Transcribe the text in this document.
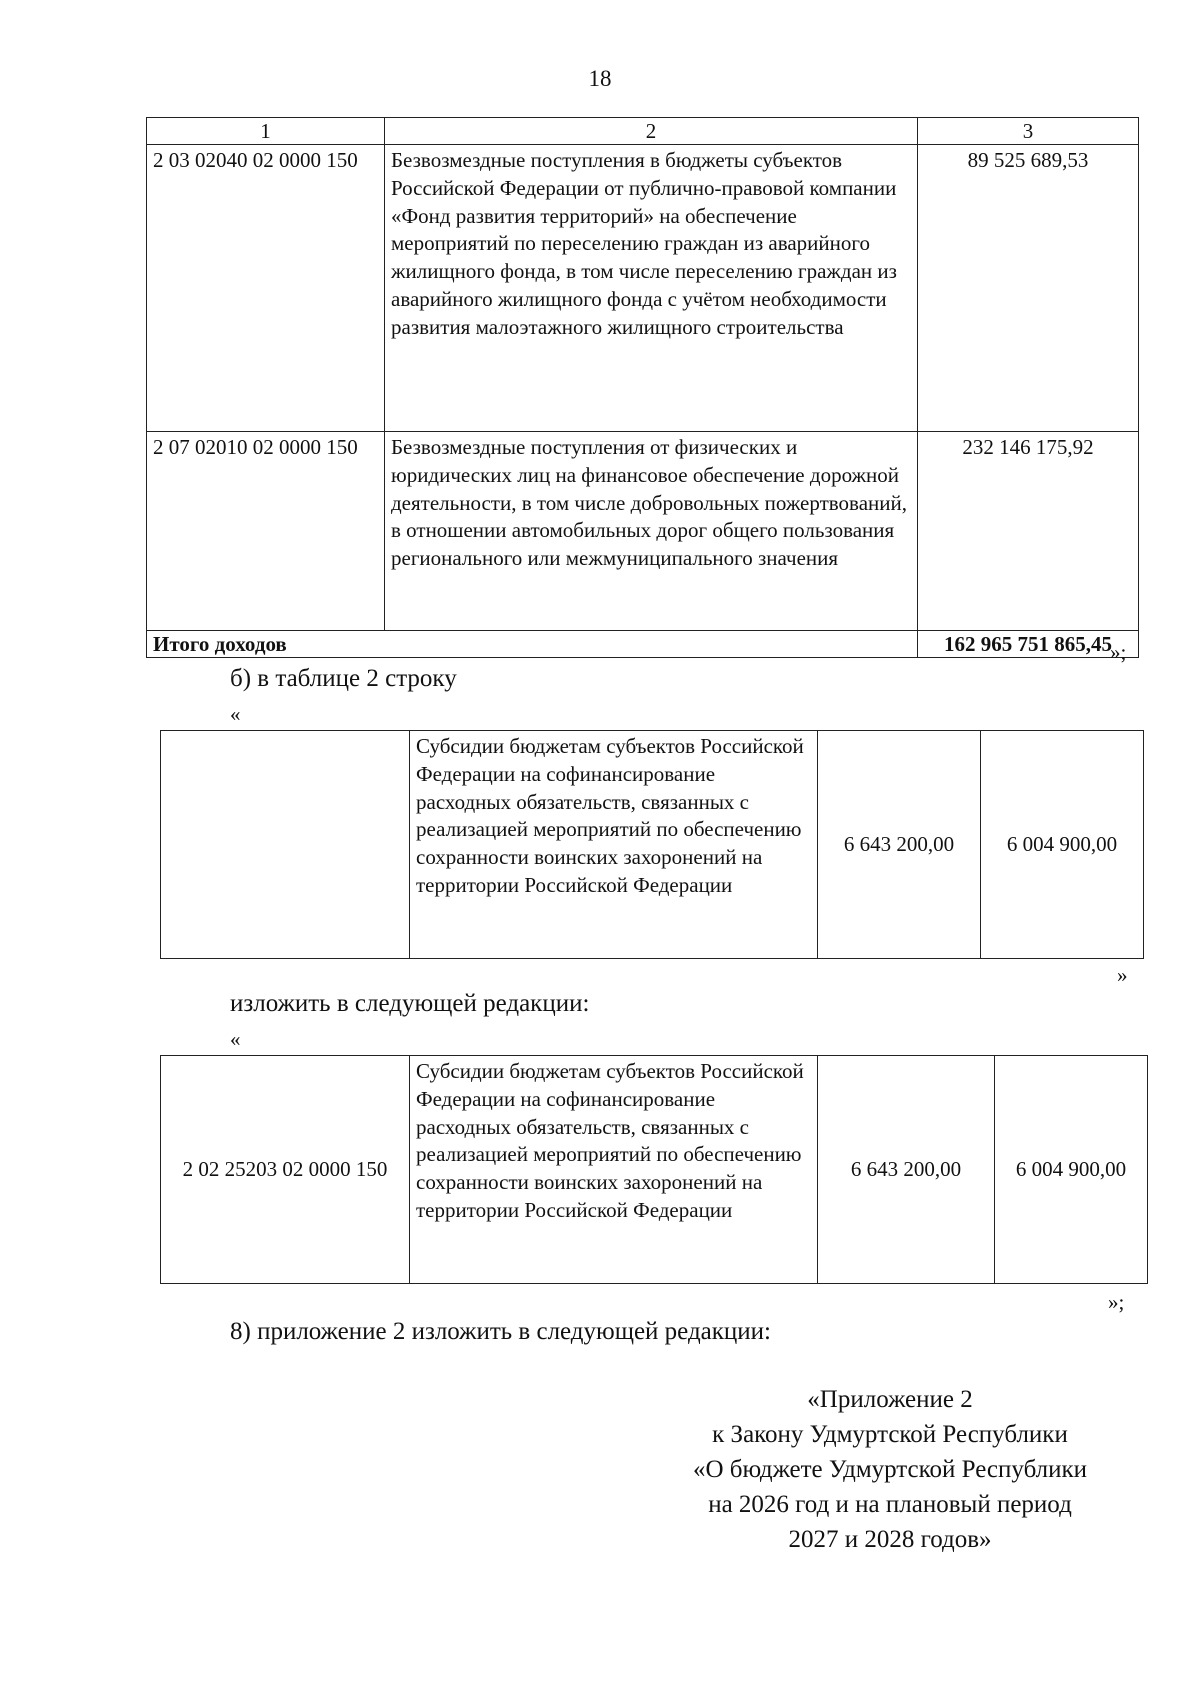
18
1	2	3
2 03 02040 02 0000 150	Безвозмездные поступления в бюджеты субъектов Российской Федерации от публично-правовой компании «Фонд развития территорий» на обеспечение мероприятий по переселению граждан из аварийного жилищного фонда, в том числе переселению граждан из аварийного жилищного фонда с учётом необходимости развития малоэтажного жилищного строительства	89 525 689,53
2 07 02010 02 0000 150	Безвозмездные поступления от физических и юридических лиц на финансовое обеспечение дорожной деятельности, в том числе добровольных пожертвований, в отношении автомобильных дорог общего пользования регионального или межмуниципального значения	232 146 175,92
Итого доходов		162 965 751 865,45
»;
б) в таблице 2 строку
«
	Субсидии бюджетам субъектов Российской Федерации на софинансирование расходных обязательств, связанных с реализацией мероприятий по обеспечению сохранности воинских захоронений на территории Российской Федерации	6 643 200,00	6 004 900,00
»
изложить в следующей редакции:
«
2 02 25203 02 0000 150	Субсидии бюджетам субъектов Российской Федерации на софинансирование расходных обязательств, связанных с реализацией мероприятий по обеспечению сохранности воинских захоронений на территории Российской Федерации	6 643 200,00	6 004 900,00
»;
8) приложение 2 изложить в следующей редакции:
«Приложение 2
к Закону Удмуртской Республики
«О бюджете Удмуртской Республики
на 2026 год и на плановый период
2027 и 2028 годов»
